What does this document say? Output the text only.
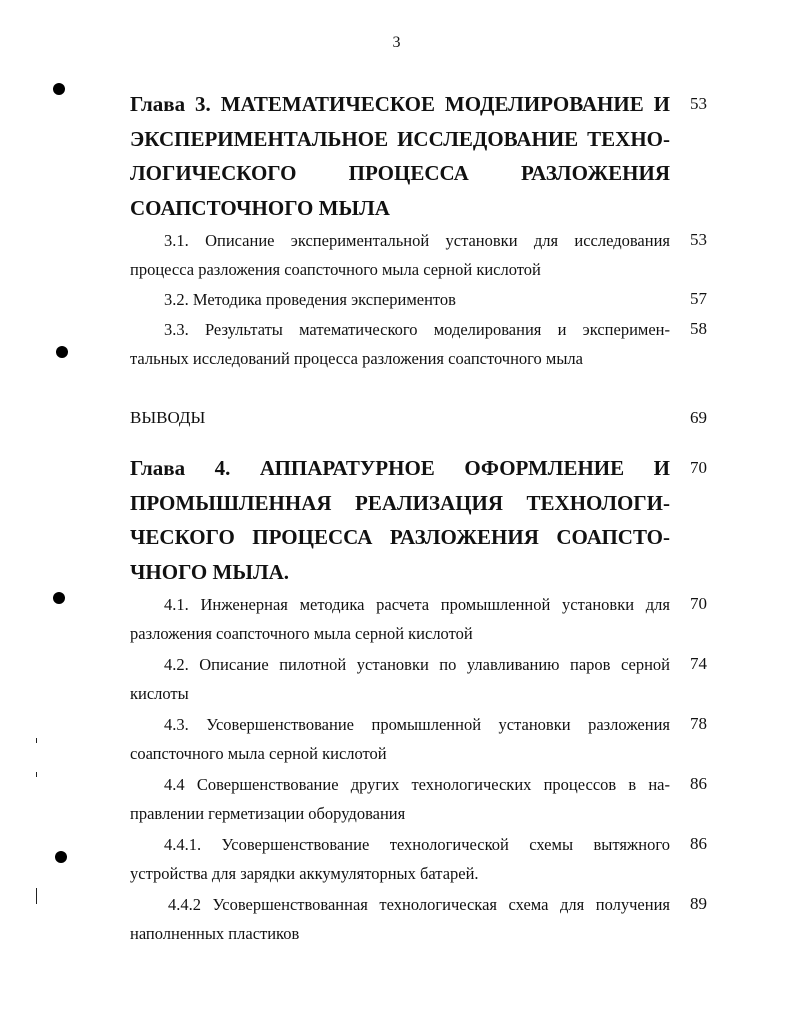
3
Глава 3. МАТЕМАТИЧЕСКОЕ МОДЕЛИРОВАНИЕ И
ЭКСПЕРИМЕНТАЛЬНОЕ ИССЛЕДОВАНИЕ ТЕХНО-
ЛОГИЧЕСКОГО ПРОЦЕССА РАЗЛОЖЕНИЯ
СОАПСТОЧНОГО МЫЛА
53
3.1. Описание экспериментальной установки для исследования
процесса разложения соапсточного мыла серной кислотой
53
3.2. Методика проведения экспериментов	57
3.3. Результаты математического моделирования и эксперимен-
тальных исследований процесса разложения соапсточного мыла
58
ВЫВОДЫ	69
Глава 4. АППАРАТУРНОЕ ОФОРМЛЕНИЕ И
ПРОМЫШЛЕННАЯ РЕАЛИЗАЦИЯ ТЕХНОЛОГИ-
ЧЕСКОГО ПРОЦЕССА РАЗЛОЖЕНИЯ СОАПСТО-
ЧНОГО МЫЛА.
70
4.1. Инженерная методика расчета промышленной установки для
разложения соапсточного мыла серной кислотой
70
4.2. Описание пилотной установки по улавливанию паров серной
кислоты
74
4.3. Усовершенствование промышленной установки разложения
соапсточного мыла серной кислотой
78
4.4 Совершенствование других технологических процессов в на-
правлении герметизации оборудования
86
4.4.1. Усовершенствование технологической схемы вытяжного
устройства для зарядки аккумуляторных батарей.
86
4.4.2 Усовершенствованная технологическая схема для получения
наполненных пластиков
89
